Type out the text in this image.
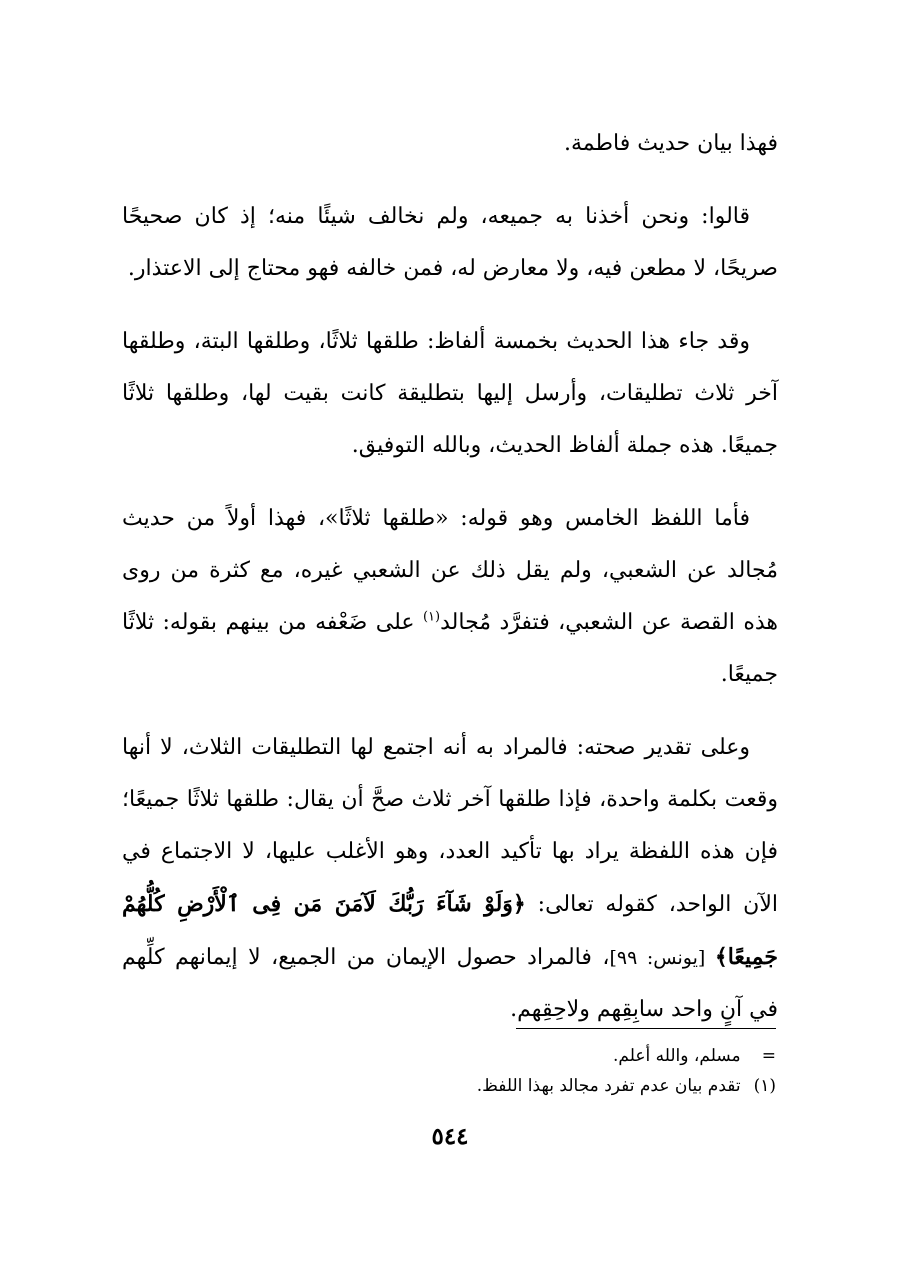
فهذا بيان حديث فاطمة.

قالوا: ونحن أخذنا به جميعه، ولم نخالف شيئًا منه؛ إذ كان صحيحًا صريحًا، لا مطعن فيه، ولا معارض له، فمن خالفه فهو محتاج إلى الاعتذار.

وقد جاء هذا الحديث بخمسة ألفاظ: طلقها ثلاثًا، وطلقها البتة، وطلقها آخر ثلاث تطليقات، وأرسل إليها بتطليقة كانت بقيت لها، وطلقها ثلاثًا جميعًا. هذه جملة ألفاظ الحديث، وبالله التوفيق.

فأما اللفظ الخامس وهو قوله: «طلقها ثلاثًا»، فهذا أولاً من حديث مُجالد عن الشعبي، ولم يقل ذلك عن الشعبي غيره، مع كثرة من روى هذه القصة عن الشعبي، فتفرَّد مُجالد$^{(١)}$ على ضَعْفه من بينهم بقوله: ثلاثًا جميعًا.

وعلى تقدير صحته: فالمراد به أنه اجتمع لها التطليقات الثلاث، لا أنها وقعت بكلمة واحدة، فإذا طلقها آخر ثلاث صحَّ أن يقال: طلقها ثلاثًا جميعًا؛ فإن هذه اللفظة يراد بها تأكيد العدد، وهو الأغلب عليها، لا الاجتماع في الآن الواحد، كقوله تعالى: ﴿وَلَوْ شَآءَ رَبُّكَ لَآمَنَ مَن فِى ٱلْأَرْضِ كُلُّهُمْ جَمِيعًا﴾ [يونس: ٩٩]، فالمراد حصول الإيمان من الجميع، لا إيمانهم كلِّهم في آنٍ واحد سابِقِهم ولاحِقِهم.

= مسلم، والله أعلم.

(١) تقدم بيان عدم تفرد مجالد بهذا اللفظ.

٥٤٤
